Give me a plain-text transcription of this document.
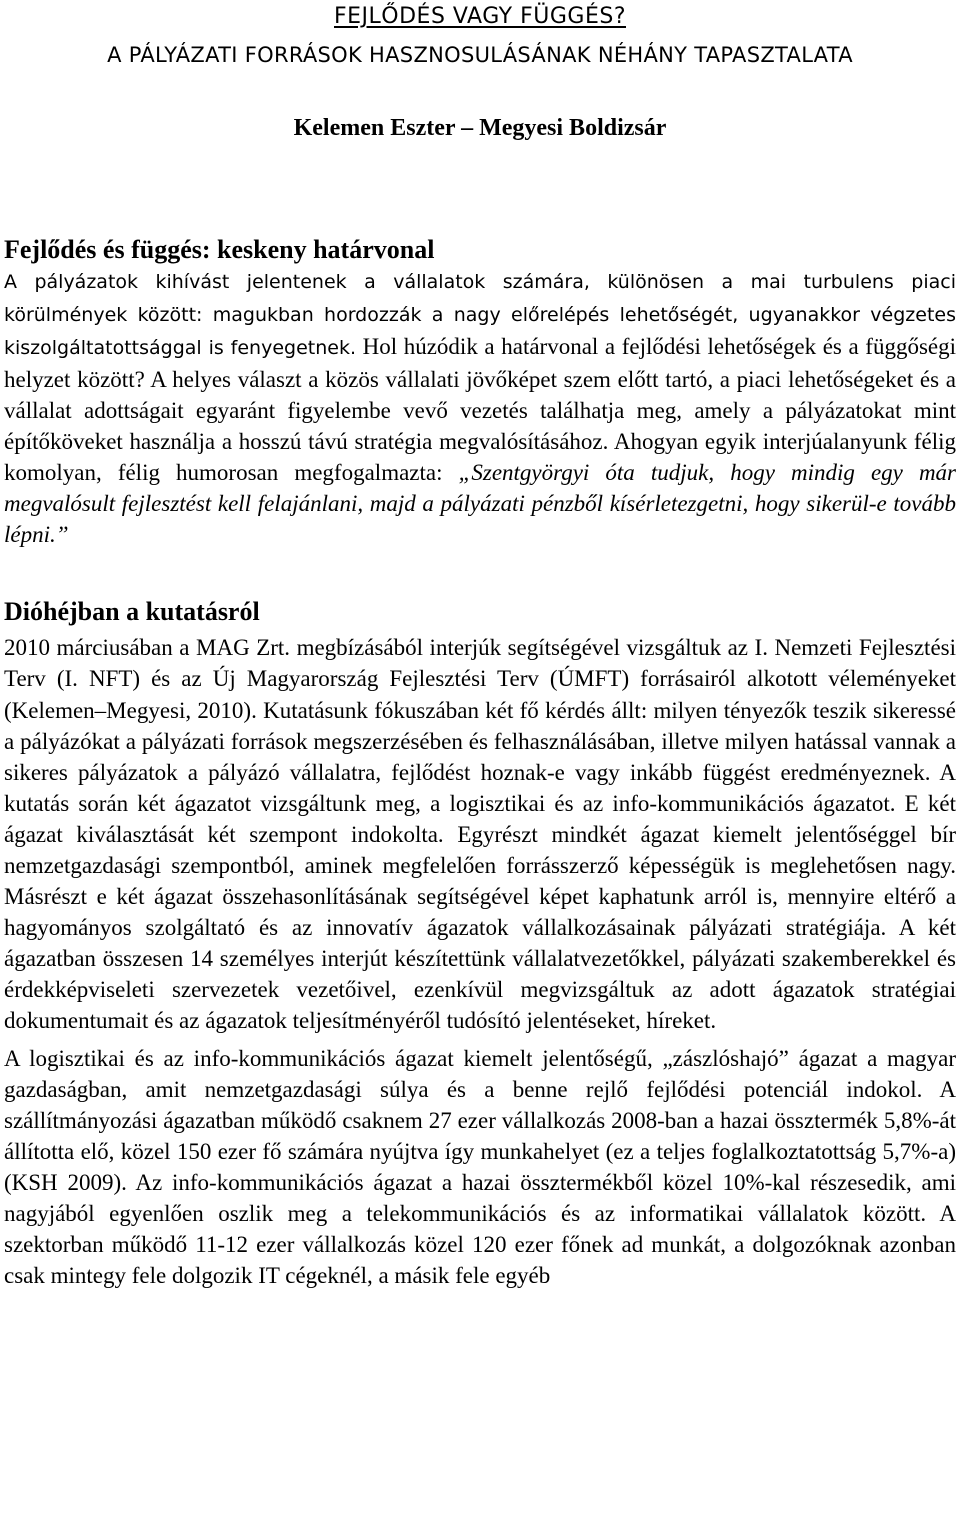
FEJLŐDÉS VAGY FÜGGÉS?
A PÁLYÁZATI FORRÁSOK HASZNOSULÁSÁNAK NÉHÁNY TAPASZTALATA
Kelemen Eszter – Megyesi Boldizsár
Fejlődés és függés: keskeny határvonal

A pályázatok kihívást jelentenek a vállalatok számára, különösen a mai turbulens piaci körülmények között: magukban hordozzák a nagy előrelépés lehetőségét, ugyanakkor végzetes kiszolgáltatottsággal is fenyegetnek. Hol húzódik a határvonal a fejlődési lehetőségek és a függőségi helyzet között? A helyes választ a közös vállalati jövőképet szem előtt tartó, a piaci lehetőségeket és a vállalat adottságait egyaránt figyelembe vevő vezetés találhatja meg, amely a pályázatokat mint építőköveket használja a hosszú távú stratégia megvalósításához. Ahogyan egyik interjúalanyunk félig komolyan, félig humorosan megfogalmazta: „Szentgyörgyi óta tudjuk, hogy mindig egy már megvalósult fejlesztést kell felajánlani, majd a pályázati pénzből kísérletezgetni, hogy sikerül-e tovább lépni.”

Dióhéjban a kutatásról

2010 márciusában a MAG Zrt. megbízásából interjúk segítségével vizsgáltuk az I. Nemzeti Fejlesztési Terv (I. NFT) és az Új Magyarország Fejlesztési Terv (ÚMFT) forrásairól alkotott véleményeket (Kelemen–Megyesi, 2010). Kutatásunk fókuszában két fő kérdés állt: milyen tényezők teszik sikeressé a pályázókat a pályázati források megszerzésében és felhasználásában, illetve milyen hatással vannak a sikeres pályázatok a pályázó vállalatra, fejlődést hoznak-e vagy inkább függést eredményeznek. A kutatás során két ágazatot vizsgáltunk meg, a logisztikai és az info-kommunikációs ágazatot. E két ágazat kiválasztását két szempont indokolta. Egyrészt mindkét ágazat kiemelt jelentőséggel bír nemzetgazdasági szempontból, aminek megfelelően forrásszerző képességük is meglehetősen nagy. Másrészt e két ágazat összehasonlításának segítségével képet kaphatunk arról is, mennyire eltérő a hagyományos szolgáltató és az innovatív ágazatok vállalkozásainak pályázati stratégiája. A két ágazatban összesen 14 személyes interjút készítettünk vállalatvezetőkkel, pályázati szakemberekkel és érdekképviseleti szervezetek vezetőivel, ezenkívül megvizsgáltuk az adott ágazatok stratégiai dokumentumait és az ágazatok teljesítményéről tudósító jelentéseket, híreket.

A logisztikai és az info-kommunikációs ágazat kiemelt jelentőségű, „zászlóshajó” ágazat a magyar gazdaságban, amit nemzetgazdasági súlya és a benne rejlő fejlődési potenciál indokol. A szállítmányozási ágazatban működő csaknem 27 ezer vállalkozás 2008-ban a hazai össztermék 5,8%-át állította elő, közel 150 ezer fő számára nyújtva így munkahelyet (ez a teljes foglalkoztatottság 5,7%-a) (KSH 2009). Az info-kommunikációs ágazat a hazai össztermékből közel 10%-kal részesedik, ami nagyjából egyenlően oszlik meg a telekommunikációs és az informatikai vállalatok között. A szektorban működő 11-12 ezer vállalkozás közel 120 ezer főnek ad munkát, a dolgozóknak azonban csak mintegy fele dolgozik IT cégeknél, a másik fele egyéb
